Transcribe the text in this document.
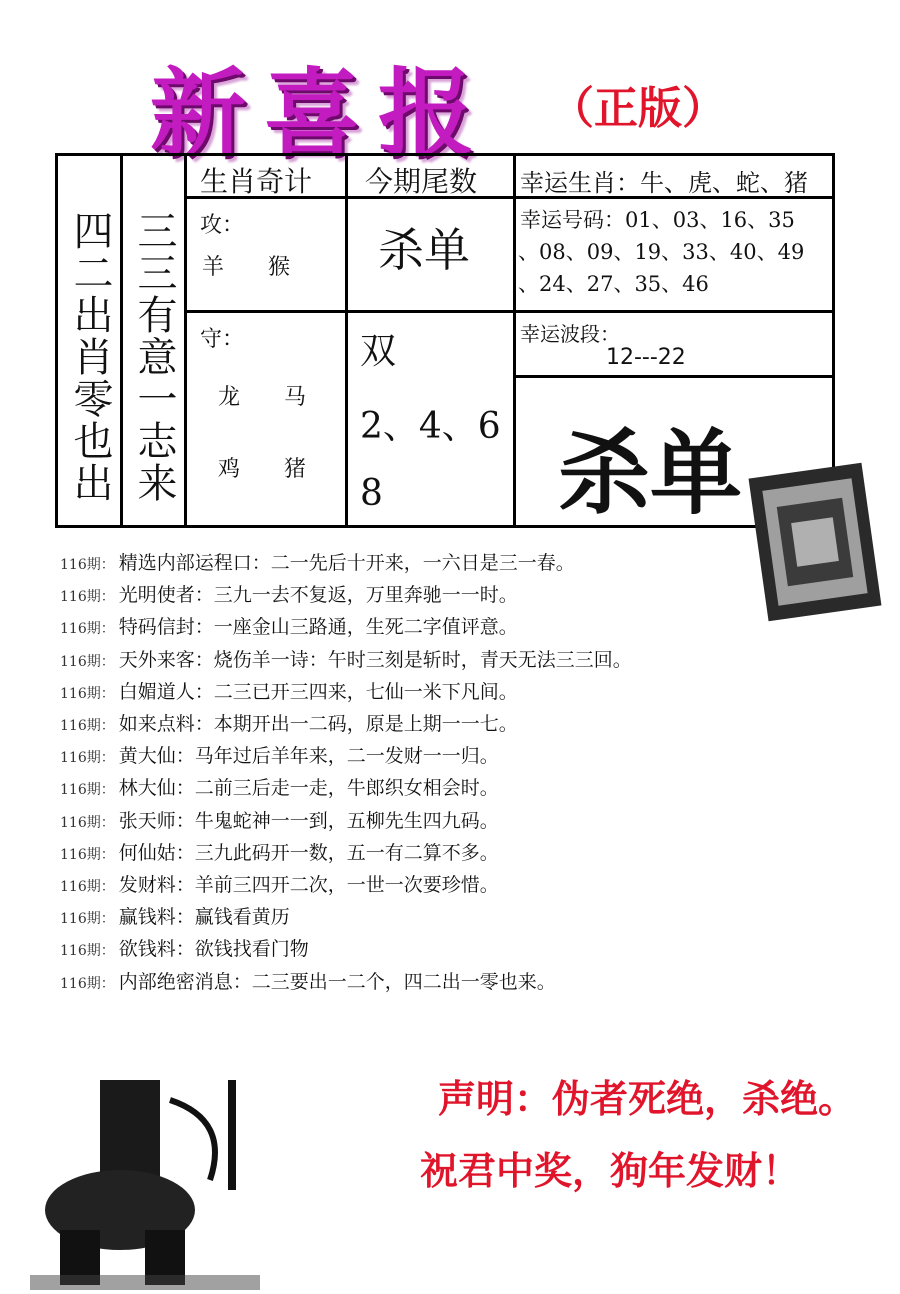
新喜报 （正版）
四二出肖零也出 三三有意一志来
生肖奇计 今期尾数 幸运生肖：牛、虎、蛇、猪
攻：
羊　　猴
守：
龙　　马
鸡　　猪
杀单
双
2、4、6
8
幸运号码：01、03、16、35
、08、09、19、33、40、49
、24、27、35、46
幸运波段：
12---22
杀单
116期： 精选内部运程口：二一先后十开来，一六日是三一春。
116期： 光明使者：三九一去不复返，万里奔驰一一时。
116期： 特码信封：一座金山三路通，生死二字值评意。
116期： 天外来客：烧伤羊一诗：午时三刻是斩时，青天无法三三回。
116期： 白媚道人：二三已开三四来，七仙一米下凡间。
116期： 如来点料：本期开出一二码，原是上期一一七。
116期： 黄大仙：马年过后羊年来，二一发财一一归。
116期： 林大仙：二前三后走一走，牛郎织女相会时。
116期： 张天师：牛鬼蛇神一一到，五柳先生四九码。
116期： 何仙姑：三九此码开一数，五一有二算不多。
116期： 发财料：羊前三四开二次，一世一次要珍惜。
116期： 赢钱料：赢钱看黄历
116期： 欲钱料：欲钱找看门物
116期： 内部绝密消息：二三要出一二个，四二出一零也来。
声明：伪者死绝，杀绝。
祝君中奖，狗年发财！
